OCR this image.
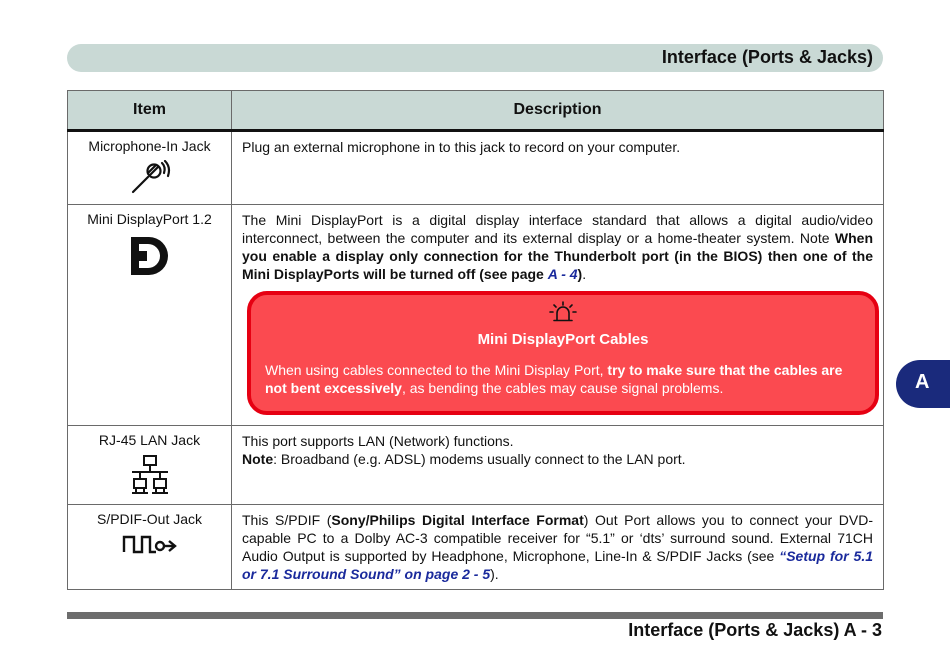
Interface (Ports & Jacks)
Item	Description

Microphone-In Jack	Plug an external microphone in to this jack to record on your computer.

Mini DisplayPort 1.2	The Mini DisplayPort is a digital display interface standard that allows a digital audio/video interconnect, between the computer and its external display or a home-theater system. Note When you enable a display only connection for the Thunderbolt port (in the BIOS) then one of the Mini DisplayPorts will be turned off (see page A - 4).
Mini DisplayPort Cables
When using cables connected to the Mini Display Port, try to make sure that the cables are not bent excessively, as bending the cables may cause signal problems.

RJ-45 LAN Jack	This port supports LAN (Network) functions.
Note: Broadband (e.g. ADSL) modems usually connect to the LAN port.

S/PDIF-Out Jack	This S/PDIF (Sony/Philips Digital Interface Format) Out Port allows you to connect your DVD-capable PC to a Dolby AC-3 compatible receiver for “5.1” or ‘dts’ surround sound. External 71CH Audio Output is supported by Headphone, Microphone, Line-In & S/PDIF Jacks (see “Setup for 5.1 or 7.1 Surround Sound” on page 2 - 5).
A
Interface (Ports & Jacks) A - 3
